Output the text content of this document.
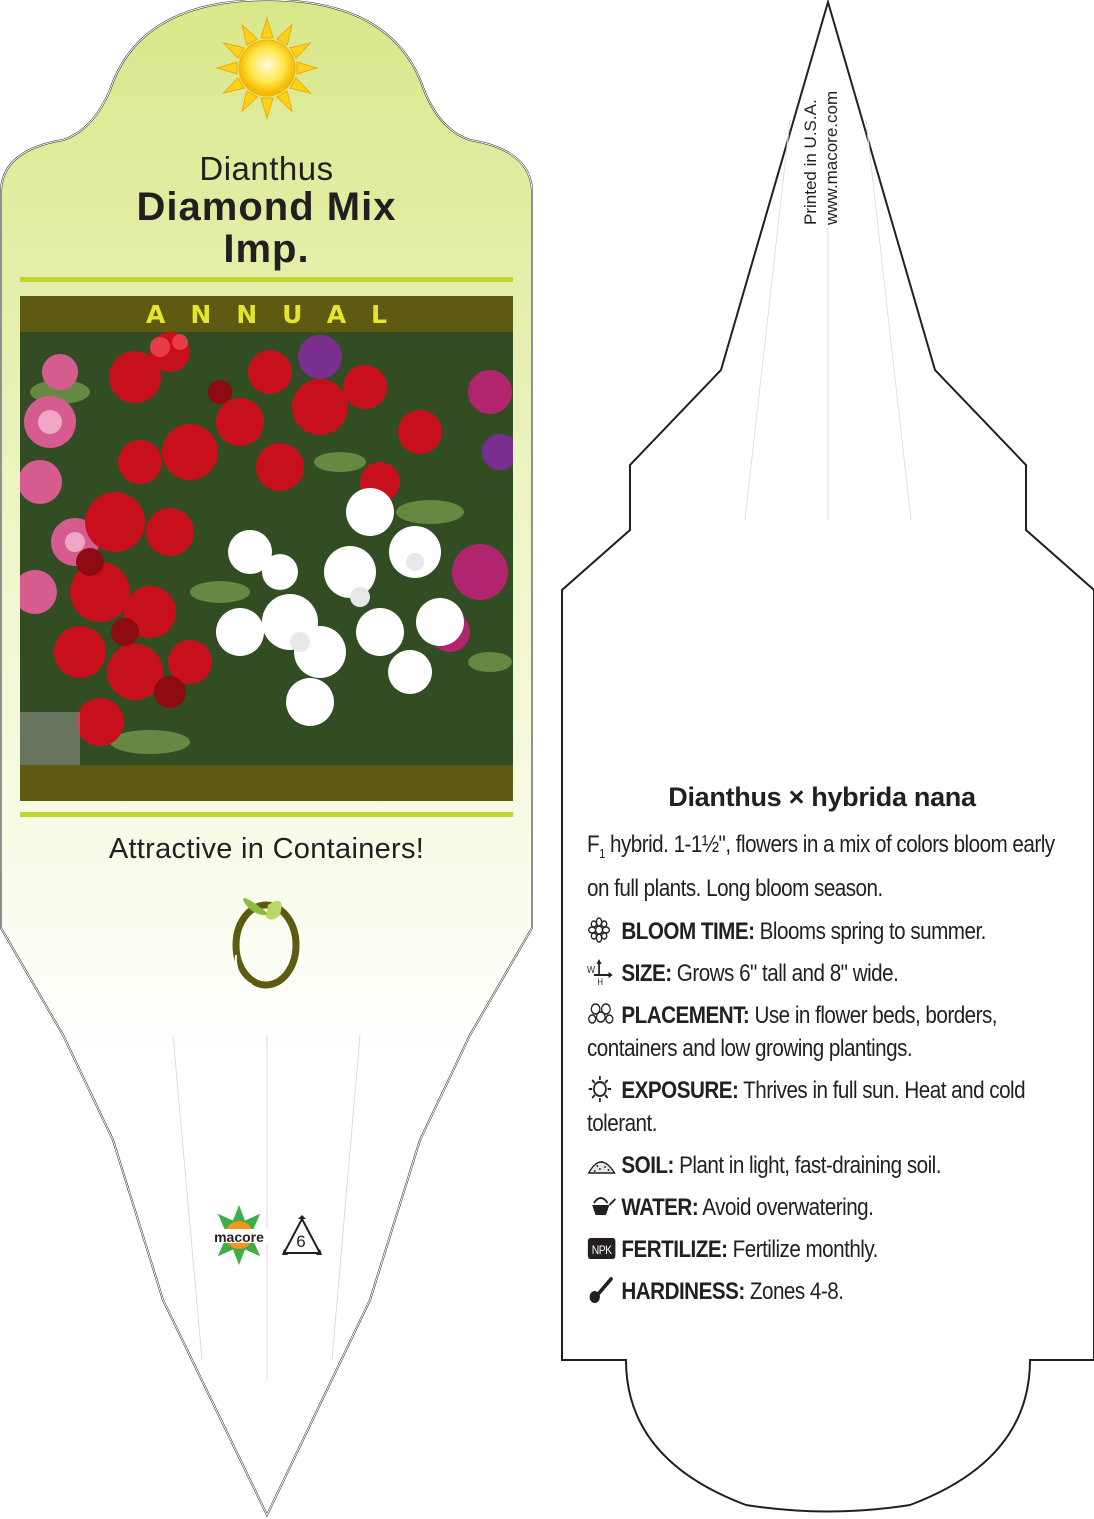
Dianthus
Diamond Mix
Imp.
ANNUAL
Attractive in Containers!
macore	6
Printed in U.S.A. www.macore.com
Dianthus × hybrida nana
$F_1$ hybrid. 1-1½", flowers in a mix of colors bloom early on full plants. Long bloom season.
BLOOM TIME: Blooms spring to summer.
W
H SIZE: Grows 6" tall and 8" wide.
PLACEMENT: Use in flower beds, borders, containers and low growing plantings.
EXPOSURE: Thrives in full sun. Heat and cold tolerant.
SOIL: Plant in light, fast-draining soil.
WATER: Avoid overwatering.
NPK FERTILIZE: Fertilize monthly.
HARDINESS: Zones 4-8.
